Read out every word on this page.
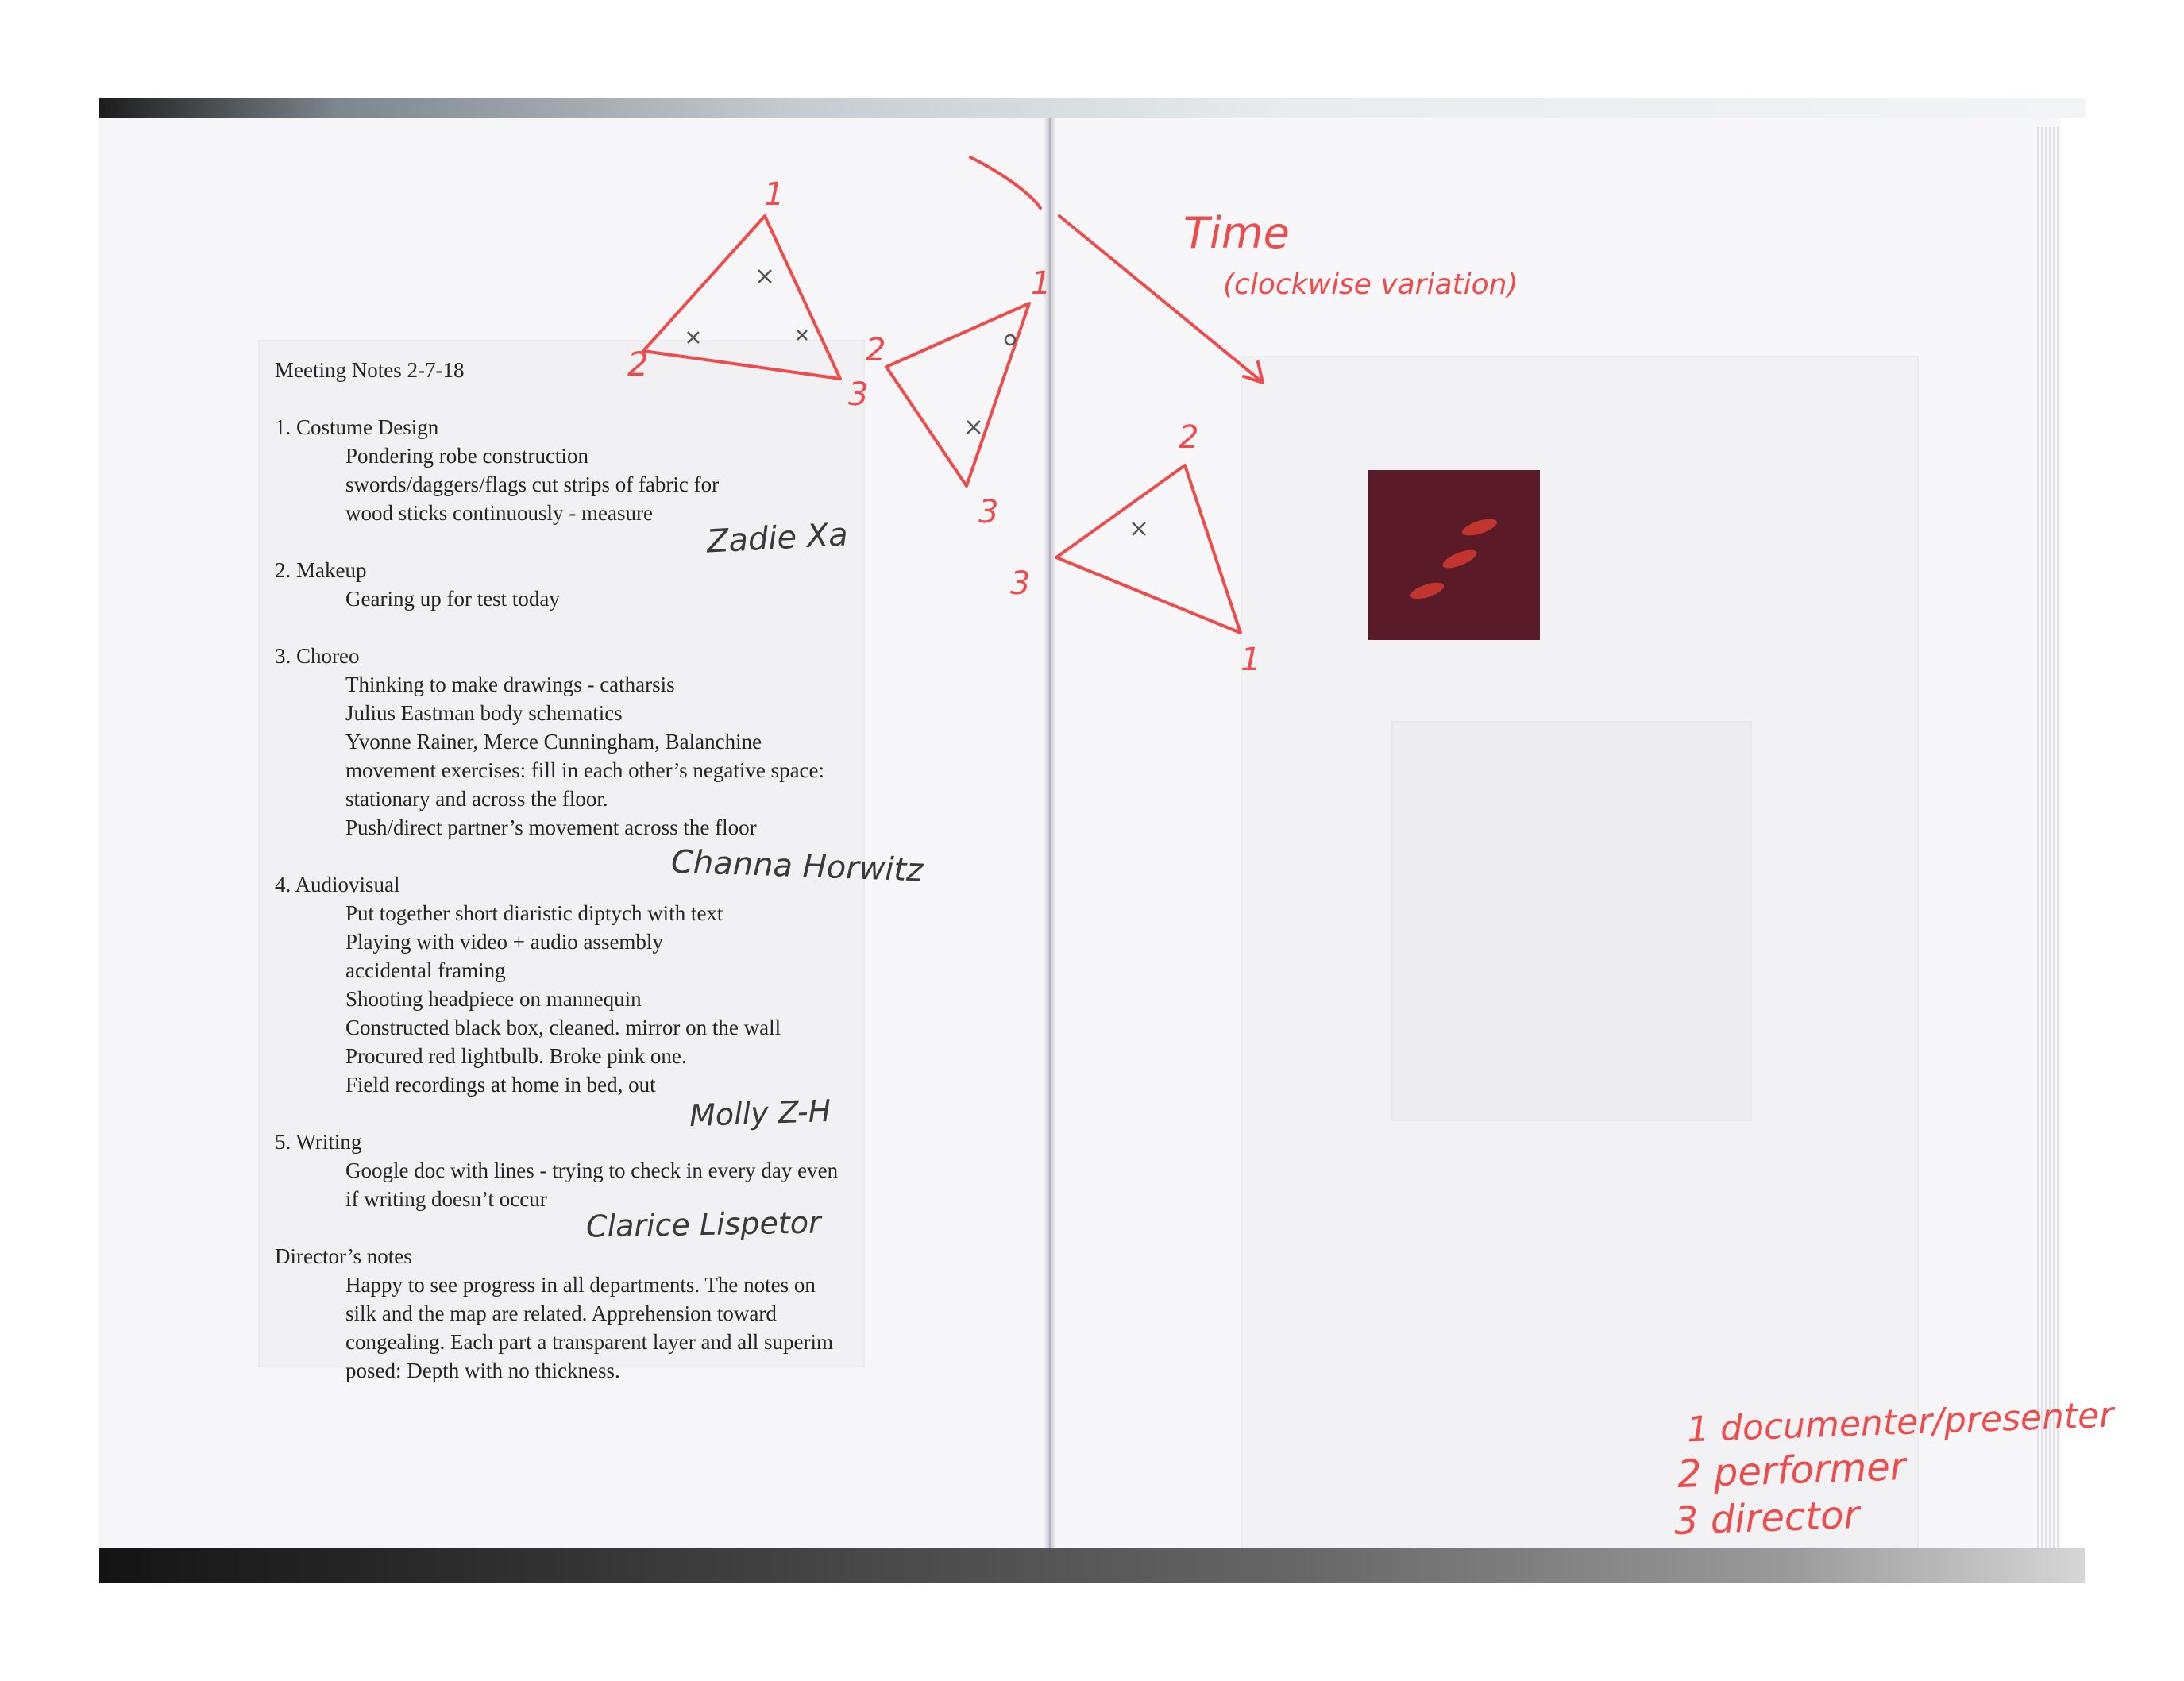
Meeting Notes 2-7-18
1. Costume Design
Pondering robe construction
swords/daggers/flags cut strips of fabric for
wood sticks continuously - measure
2. Makeup
Gearing up for test today
3. Choreo
Thinking to make drawings - catharsis
Julius Eastman body schematics
Yvonne Rainer, Merce Cunningham, Balanchine
movement exercises: fill in each other’s negative space:
stationary and across the floor.
Push/direct partner’s movement across the floor
4. Audiovisual
Put together short diaristic diptych with text
Playing with video + audio assembly
accidental framing
Shooting headpiece on mannequin
Constructed black box, cleaned. mirror on the wall
Procured red lightbulb. Broke pink one.
Field recordings at home in bed, out
5. Writing
Google doc with lines - trying to check in every day even
if writing doesn’t occur
Director’s notes
Happy to see progress in all departments. The notes on
silk and the map are related. Apprehension toward
congealing. Each part a transparent layer and all superim
posed: Depth with no thickness.
Zadie Xa
Channa Horwitz
Molly Z-H
Clarice Lispetor
1
2
3
1
2
3
2
3
1
Time
(clockwise variation)
1 documenter/presenter
2 performer
3 director
